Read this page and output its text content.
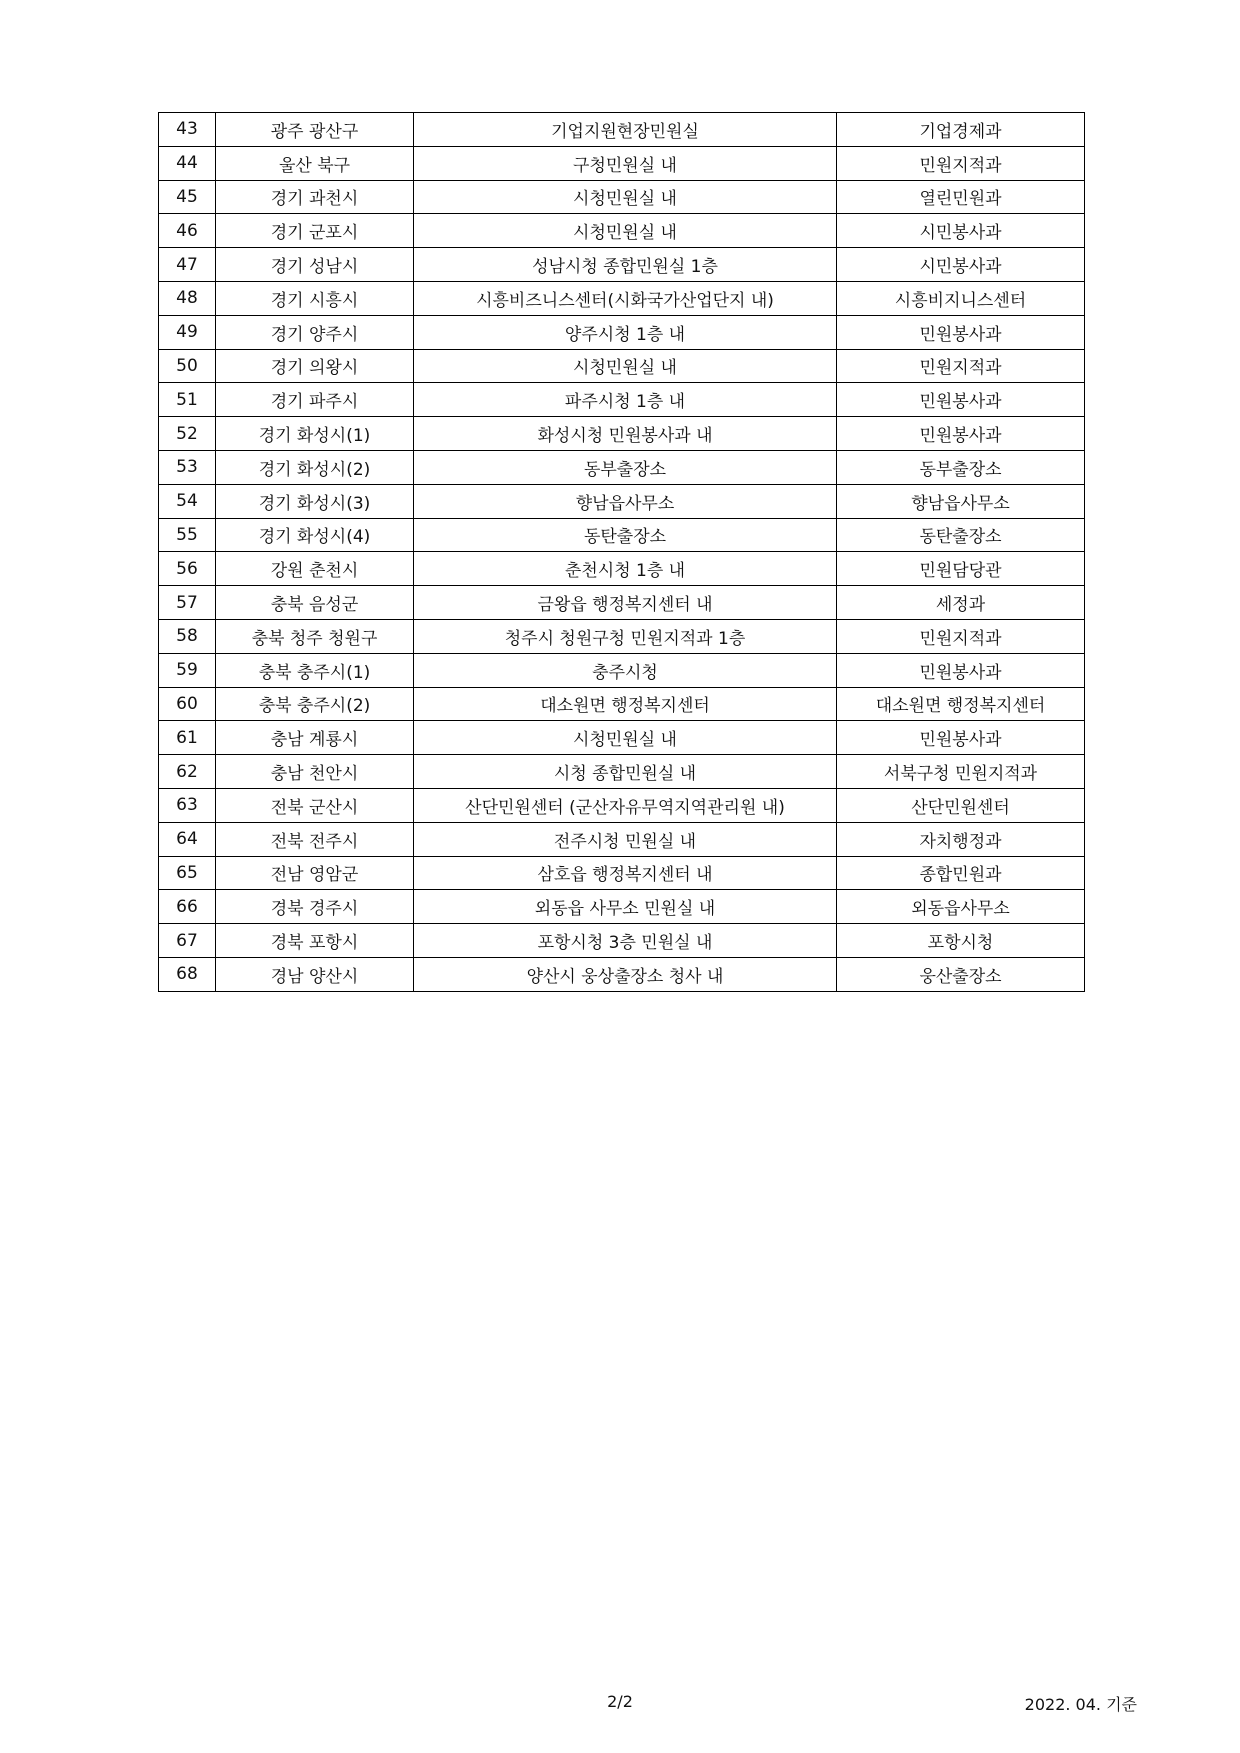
43	광주 광산구	기업지원현장민원실	기업경제과
44	울산 북구	구청민원실 내	민원지적과
45	경기 과천시	시청민원실 내	열린민원과
46	경기 군포시	시청민원실 내	시민봉사과
47	경기 성남시	성남시청 종합민원실 1층	시민봉사과
48	경기 시흥시	시흥비즈니스센터(시화국가산업단지 내)	시흥비지니스센터
49	경기 양주시	양주시청 1층 내	민원봉사과
50	경기 의왕시	시청민원실 내	민원지적과
51	경기 파주시	파주시청 1층 내	민원봉사과
52	경기 화성시(1)	화성시청 민원봉사과 내	민원봉사과
53	경기 화성시(2)	동부출장소	동부출장소
54	경기 화성시(3)	향남읍사무소	향남읍사무소
55	경기 화성시(4)	동탄출장소	동탄출장소
56	강원 춘천시	춘천시청 1층 내	민원담당관
57	충북 음성군	금왕읍 행정복지센터 내	세정과
58	충북 청주 청원구	청주시 청원구청 민원지적과 1층	민원지적과
59	충북 충주시(1)	충주시청	민원봉사과
60	충북 충주시(2)	대소원면 행정복지센터	대소원면 행정복지센터
61	충남 계룡시	시청민원실 내	민원봉사과
62	충남 천안시	시청 종합민원실 내	서북구청 민원지적과
63	전북 군산시	산단민원센터 (군산자유무역지역관리원 내)	산단민원센터
64	전북 전주시	전주시청 민원실 내	자치행정과
65	전남 영암군	삼호읍 행정복지센터 내	종합민원과
66	경북 경주시	외동읍 사무소 민원실 내	외동읍사무소
67	경북 포항시	포항시청 3층 민원실 내	포항시청
68	경남 양산시	양산시 웅상출장소 청사 내	웅산출장소
2/2	2022. 04. 기준
